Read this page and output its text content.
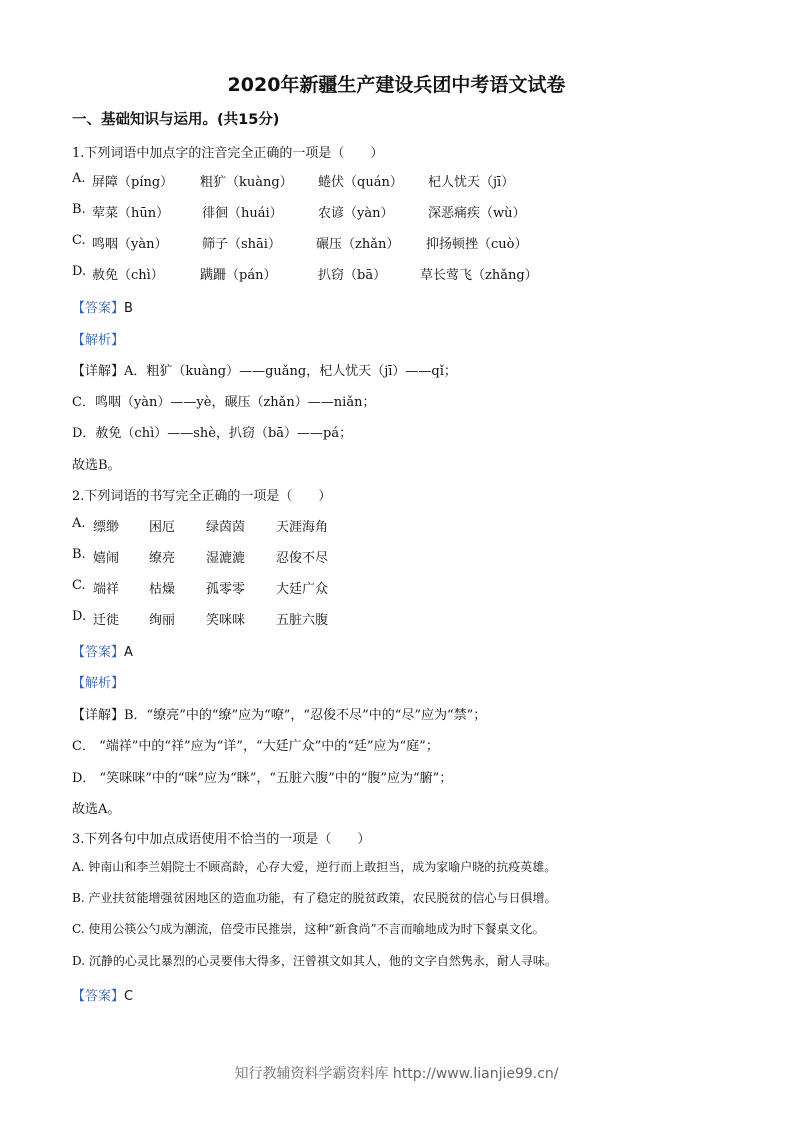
2020年新疆生产建设兵团中考语文试卷
一、基础知识与运用。(共15分)
1.下列词语中加点字的注音完全正确的一项是（　　）
A. 屏障（píng） 粗犷（kuàng） 蜷伏（quán） 杞人忧天（jī）
B. 荤菜（hūn）	徘徊（huái）	农谚（yàn）	深恶痛疾（wù）
C. 鸣咽（yàn）	筛子（shāi）	碾压（zhǎn） 抑扬顿挫（cuò）
D. 赦免（chì）	蹒跚（pán）	扒窃（bā）	草长莺飞（zhǎng）
【答案】B
【解析】
【详解】A．粗犷（kuàng）——guǎng，杞人忧天（jī）——qǐ；
C．鸣咽（yàn）——yè，碾压（zhǎn）——niǎn；
D．赦免（chì）——shè，扒窃（bā）——pá；
故选B。
2.下列词语的书写完全正确的一项是（　　）
A. 缥缈 困厄 绿茵茵 天涯海角
B. 嬉闹 缭亮 湿漉漉 忍俊不尽
C. 端祥 枯燥 孤零零 大廷广众
D. 迁徙 绚丽 笑咪咪 五脏六腹
【答案】A
【解析】
【详解】B．“缭亮”中的“缭”应为“嘹”，“忍俊不尽”中的“尽”应为“禁”；
C． “端祥”中的“祥”应为“详”，“大廷广众”中的“廷”应为“庭”；
D． “笑咪咪”中的“咪”应为“眯”，“五脏六腹”中的“腹”应为“腑”；
故选A。
3.下列各句中加点成语使用不恰当的一项是（　　）
A. 钟南山和李兰娟院士不顾高龄，心存大爱，逆行而上敢担当，成为家喻户晓的抗疫英雄。
B. 产业扶贫能增强贫困地区的造血功能，有了稳定的脱贫政策，农民脱贫的信心与日俱增。
C. 使用公筷公勺成为潮流，倍受市民推崇，这种“新食尚”不言而喻地成为时下餐桌文化。
D. 沉静的心灵比暴烈的心灵要伟大得多，汪曾祺文如其人，他的文字自然隽永，耐人寻味。
【答案】C
知行教辅资料学霸资料库 http://www.lianjie99.cn/
